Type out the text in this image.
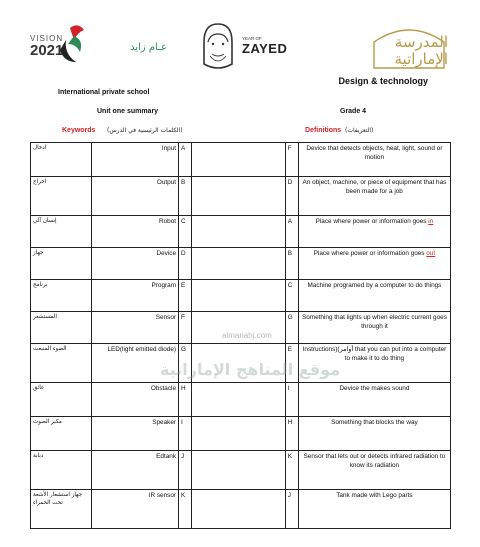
VISION
2021	عـام زايد
YEAR OF
ZAYED	المدرسة الإماراتية
Design & technology
International private school
Unit one summary	Grade 4
Keywords (الكلمات الرئيسية في الدرس)	Definitions (التعريفات)
ادخال	Input	A		F	Device that detects objects, heat, light, sound or motion
اخراج	Output	B		D	An object, machine, or piece of equipment that has been made for a job
إنسان آلي	Robot	C		A	Place where power or information goes in
جهاز	Device	D		B	Place where power or information goes out
برنامج	Program	E		C	Machine programed by a computer to do things
المستشعر	Sensor	F		G	Something that lights up when electric current goes through it
الضوء المنبعث	LED(light emitted diode)	G		E	Instructions)(أوامر that you can put into a computer to make it to do thing
عائق	Obstacle	H		I	Device the makes sound
مكبر الصوت	Speaker	I		H	Something that blocks the way
دبابة	Edtank	J		K	Sensor that lets out or detects infrared radiation to know its radiation
جهاز استشعار الأشعة تحت الحمراء	IR sensor	K		J	Tank made with Lego parts
almanahj.com
موقع المناهج الإماراتية
